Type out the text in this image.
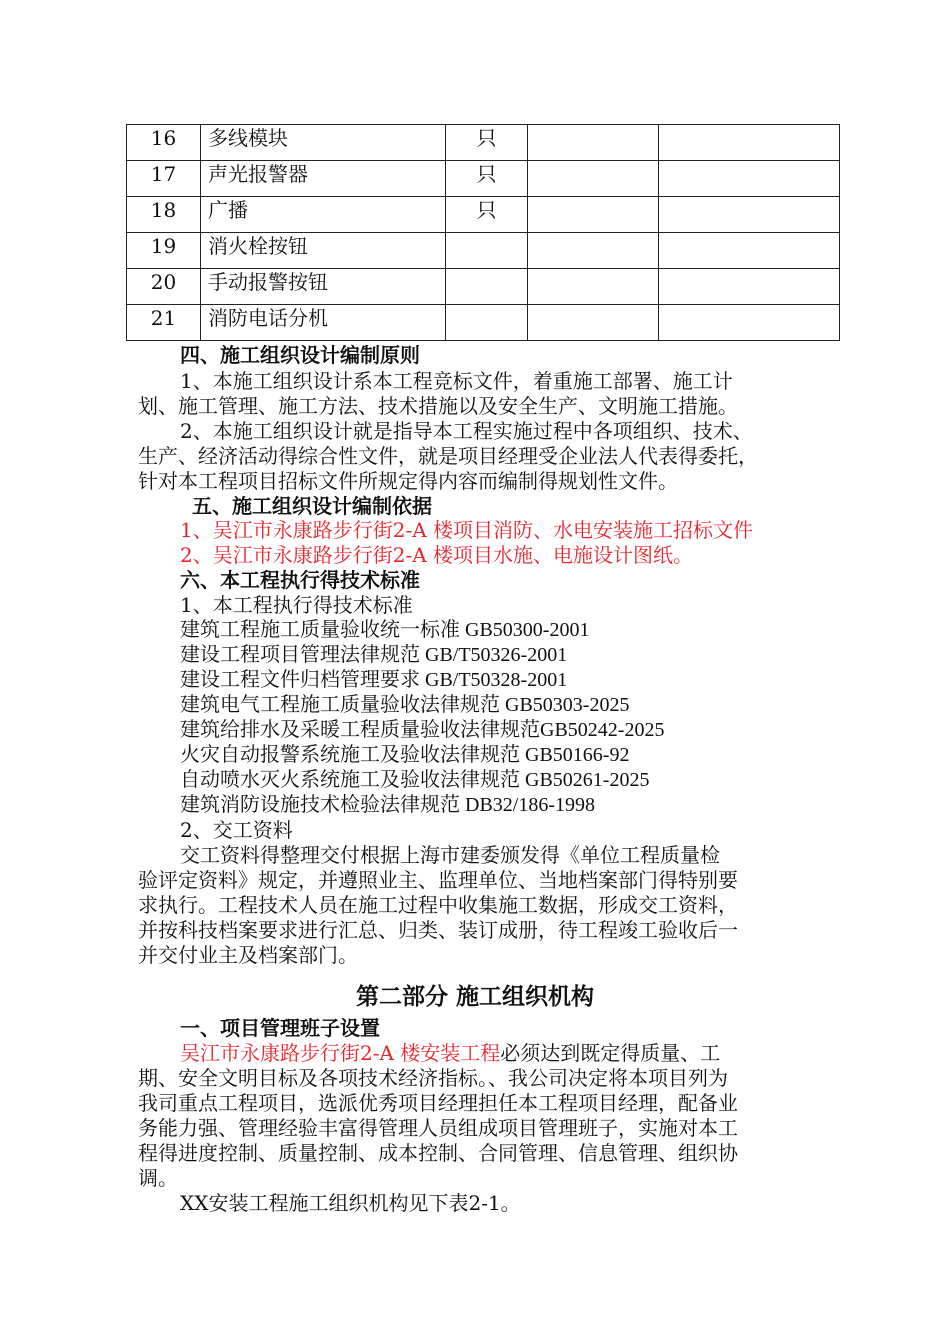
16	多线模块	只		
17	声光报警器	只		
18	广播	只		
19	消火栓按钮			
20	手动报警按钮			
21	消防电话分机			
四、施工组织设计编制原则
1、本施工组织设计系本工程竞标文件，着重施工部署、施工计
划、施工管理、施工方法、技术措施以及安全生产、文明施工措施。
2、本施工组织设计就是指导本工程实施过程中各项组织、技术、
生产、经济活动得综合性文件，就是项目经理受企业法人代表得委托，
针对本工程项目招标文件所规定得内容而编制得规划性文件。
五、施工组织设计编制依据
1、吴江市永康路步行街2-A 楼项目消防、水电安装施工招标文件
2、吴江市永康路步行街2-A 楼项目水施、电施设计图纸。
六、本工程执行得技术标准
1、本工程执行得技术标准
建筑工程施工质量验收统一标准 GB50300-2001
建设工程项目管理法律规范 GB/T50326-2001
建设工程文件归档管理要求 GB/T50328-2001
建筑电气工程施工质量验收法律规范 GB50303-2025
建筑给排水及采暖工程质量验收法律规范GB50242-2025
火灾自动报警系统施工及验收法律规范 GB50166-92
自动喷水灭火系统施工及验收法律规范 GB50261-2025
建筑消防设施技术检验法律规范 DB32/186-1998
2、交工资料
交工资料得整理交付根据上海市建委颁发得《单位工程质量检
验评定资料》规定，并遵照业主、监理单位、当地档案部门得特别要
求执行。工程技术人员在施工过程中收集施工数据，形成交工资料，
并按科技档案要求进行汇总、归类、装订成册，待工程竣工验收后一
并交付业主及档案部门。
第二部分 施工组织机构
一、项目管理班子设置
吴江市永康路步行街2-A 楼安装工程必须达到既定得质量、工
期、安全文明目标及各项技术经济指标。、我公司决定将本项目列为
我司重点工程项目，选派优秀项目经理担任本工程项目经理，配备业
务能力强、管理经验丰富得管理人员组成项目管理班子，实施对本工
程得进度控制、质量控制、成本控制、合同管理、信息管理、组织协
调。
XX安装工程施工组织机构见下表2-1。
